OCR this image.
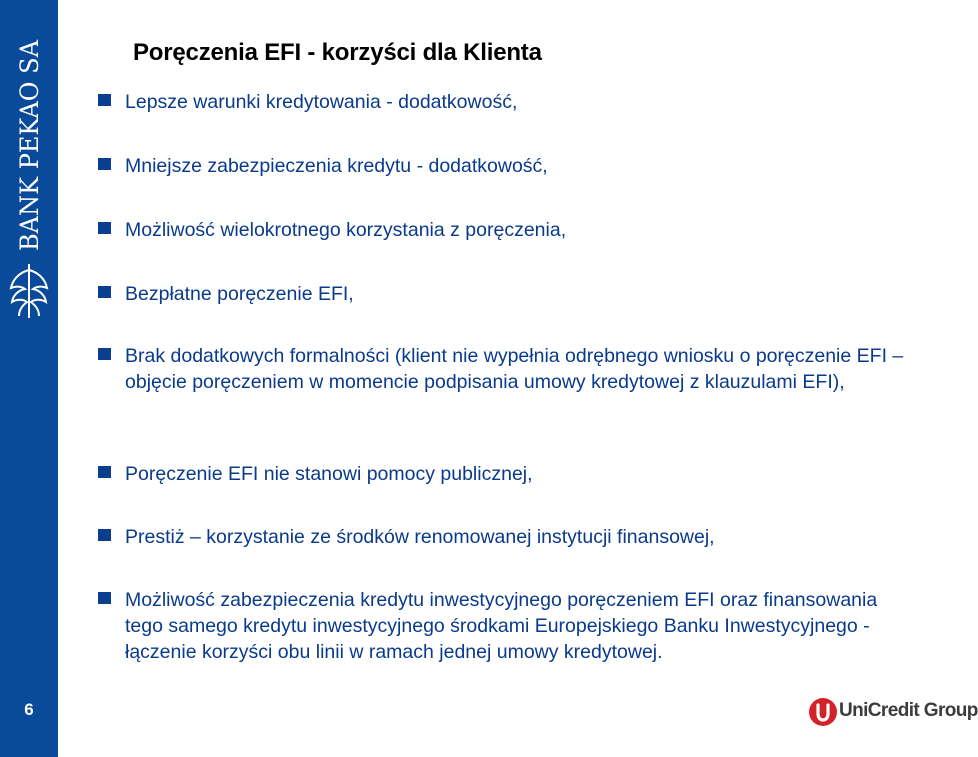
BANK PEKAO SA
6
Poręczenia EFI - korzyści dla Klienta
Lepsze warunki kredytowania - dodatkowość,
Mniejsze zabezpieczenia kredytu - dodatkowość,
Możliwość wielokrotnego korzystania z poręczenia,
Bezpłatne poręczenie EFI,
Brak dodatkowych formalności (klient nie wypełnia odrębnego wniosku o poręczenie EFI – objęcie poręczeniem w momencie podpisania umowy kredytowej z klauzulami EFI),
Poręczenie EFI nie stanowi pomocy publicznej,
Prestiż – korzystanie ze środków renomowanej instytucji finansowej,
Możliwość zabezpieczenia kredytu inwestycyjnego poręczeniem EFI oraz finansowania tego samego kredytu inwestycyjnego środkami Europejskiego Banku Inwestycyjnego - łączenie korzyści obu linii w ramach jednej umowy kredytowej.
UniCredit Group
